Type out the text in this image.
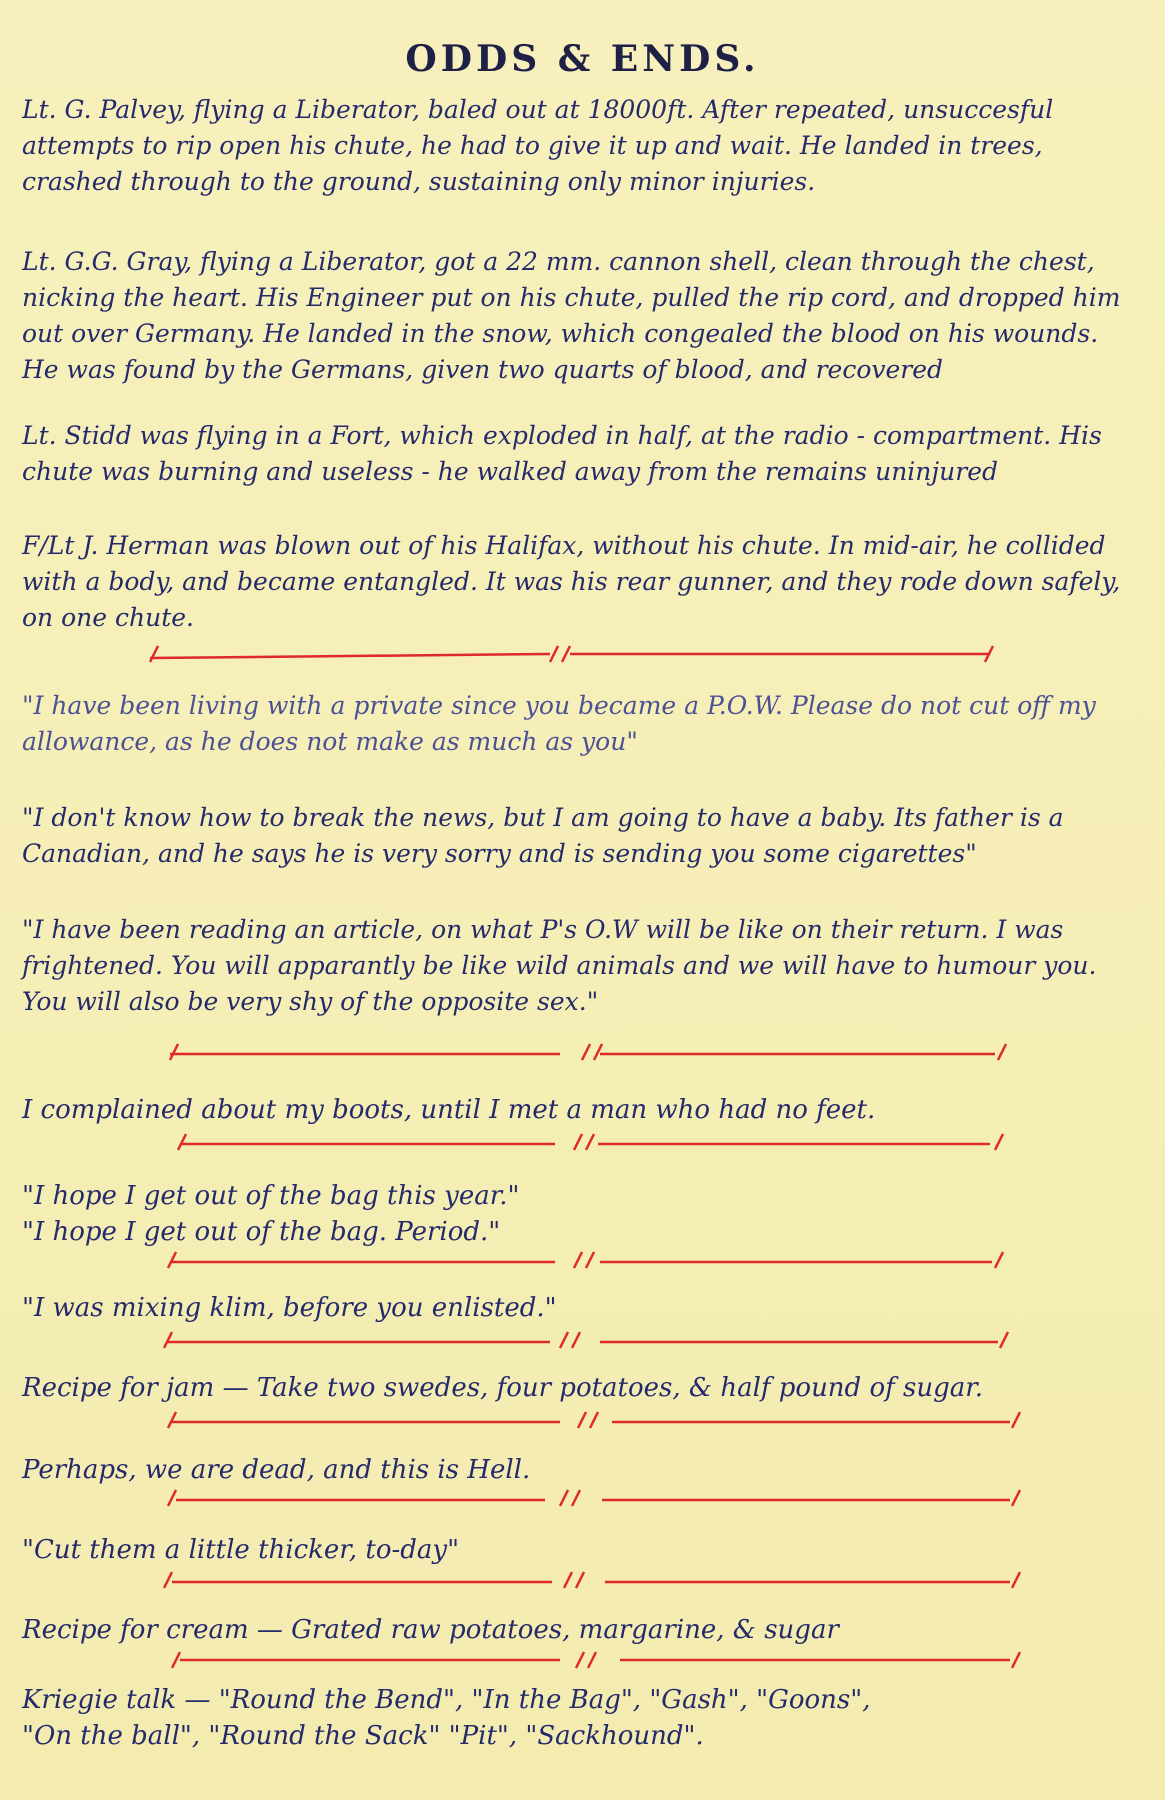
ODDS & ENDS.
Lt. G. Palvey, flying a Liberator, baled out at 18000ft. After repeated, unsuccesful attempts to rip open his chute, he had to give it up and wait. He landed in trees, crashed through to the ground, sustaining only minor injuries.
Lt. G.G. Gray, flying a Liberator, got a 22 mm. cannon shell, clean through the chest, nicking the heart. His Engineer put on his chute, pulled the rip cord, and dropped him out over Germany. He landed in the snow, which congealed the blood on his wounds. He was found by the Germans, given two quarts of blood, and recovered
Lt. Stidd was flying in a Fort, which exploded in half, at the radio - compartment. His chute was burning and useless - he walked away from the remains uninjured
F/Lt J. Herman was blown out of his Halifax, without his chute. In mid-air, he collided with a body, and became entangled. It was his rear gunner, and they rode down safely, on one chute.
"I have been living with a private since you became a P.O.W. Please do not cut off my allowance, as he does not make as much as you"
"I don't know how to break the news, but I am going to have a baby. Its father is a Canadian, and he says he is very sorry and is sending you some cigarettes"
"I have been reading an article, on what P's O.W will be like on their return. I was frightened. You will apparantly be like wild animals and we will have to humour you. You will also be very shy of the opposite sex."
I complained about my boots, until I met a man who had no feet.
"I hope I get out of the bag this year."
"I hope I get out of the bag. Period."
"I was mixing klim, before you enlisted."
Recipe for jam — Take two swedes, four potatoes, & half pound of sugar.
Perhaps, we are dead, and this is Hell.
"Cut them a little thicker, to-day"
Recipe for cream — Grated raw potatoes, margarine, & sugar
Kriegie talk — "Round the Bend", "In the Bag", "Gash", "Goons",
"On the ball", "Round the Sack" "Pit", "Sackhound".
